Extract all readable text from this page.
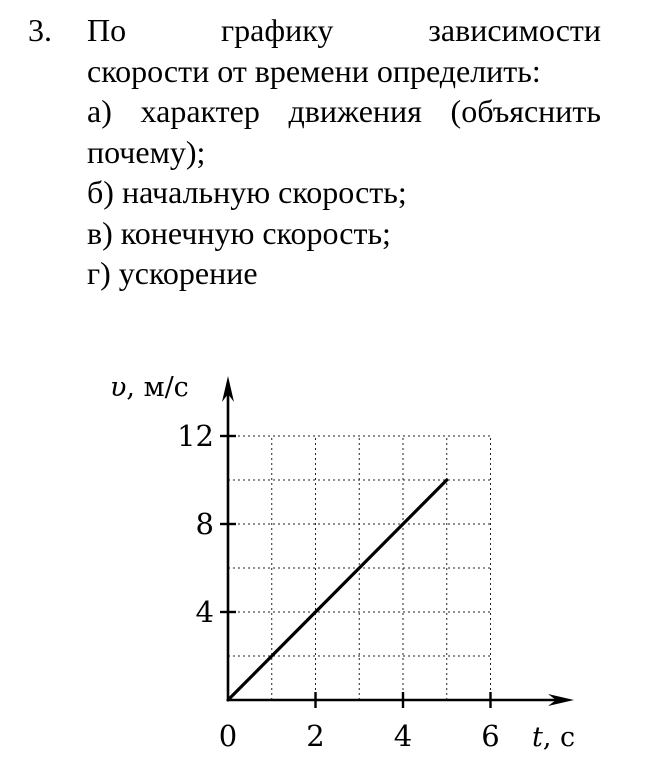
3.	По	графику	зависимости
скорости от времени определить:
а) характер движения (объяснить
почему);
б) начальную скорость;
в) конечную скорость;
г) ускорение
4
8
12
0 2 4 6
υ, м/с
t, с
